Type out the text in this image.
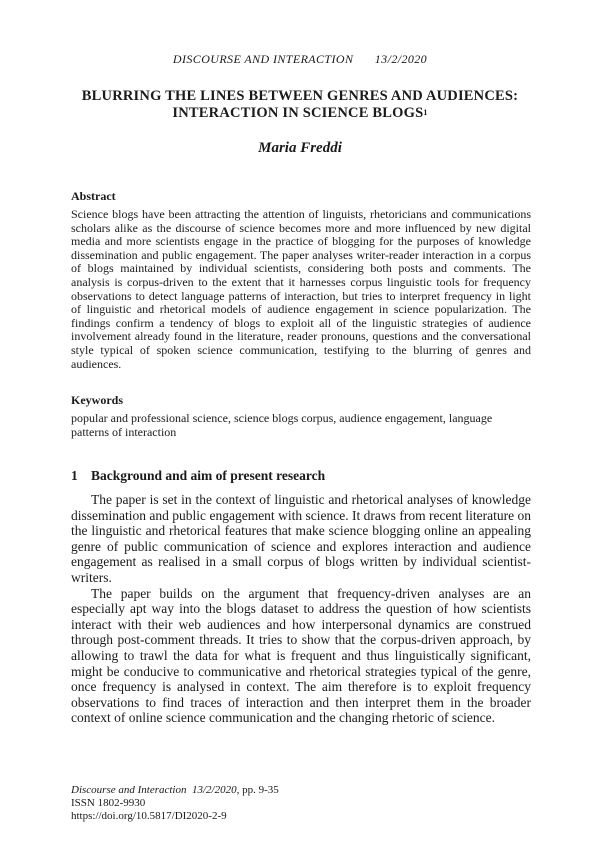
DISCOURSE AND INTERACTION 13/2/2020
BLURRING THE LINES BETWEEN GENRES AND AUDIENCES:
INTERACTION IN SCIENCE BLOGS$^1$
Maria Freddi
Abstract
Science blogs have been attracting the attention of linguists, rhetoricians and communications scholars alike as the discourse of science becomes more and more influenced by new digital media and more scientists engage in the practice of blogging for the purposes of knowledge dissemination and public engagement. The paper analyses writer-reader interaction in a corpus of blogs maintained by individual scientists, considering both posts and comments. The analysis is corpus-driven to the extent that it harnesses corpus linguistic tools for frequency observations to detect language patterns of interaction, but tries to interpret frequency in light of linguistic and rhetorical models of audience engagement in science popularization. The findings confirm a tendency of blogs to exploit all of the linguistic strategies of audience involvement already found in the literature, reader pronouns, questions and the conversational style typical of spoken science communication, testifying to the blurring of genres and audiences.
Keywords
popular and professional science, science blogs corpus, audience engagement, language patterns of interaction
1 Background and aim of present research

The paper is set in the context of linguistic and rhetorical analyses of knowledge dissemination and public engagement with science. It draws from recent literature on the linguistic and rhetorical features that make science blogging online an appealing genre of public communication of science and explores interaction and audience engagement as realised in a small corpus of blogs written by individual scientist-writers.

The paper builds on the argument that frequency-driven analyses are an especially apt way into the blogs dataset to address the question of how scientists interact with their web audiences and how interpersonal dynamics are construed through post-comment threads. It tries to show that the corpus-driven approach, by allowing to trawl the data for what is frequent and thus linguistically significant, might be conducive to communicative and rhetorical strategies typical of the genre, once frequency is analysed in context. The aim therefore is to exploit frequency observations to find traces of interaction and then interpret them in the broader context of online science communication and the changing rhetoric of science.

Discourse and Interaction 13/2/2020, pp. 9-35
ISSN 1802-9930
https://doi.org/10.5817/DI2020-2-9
